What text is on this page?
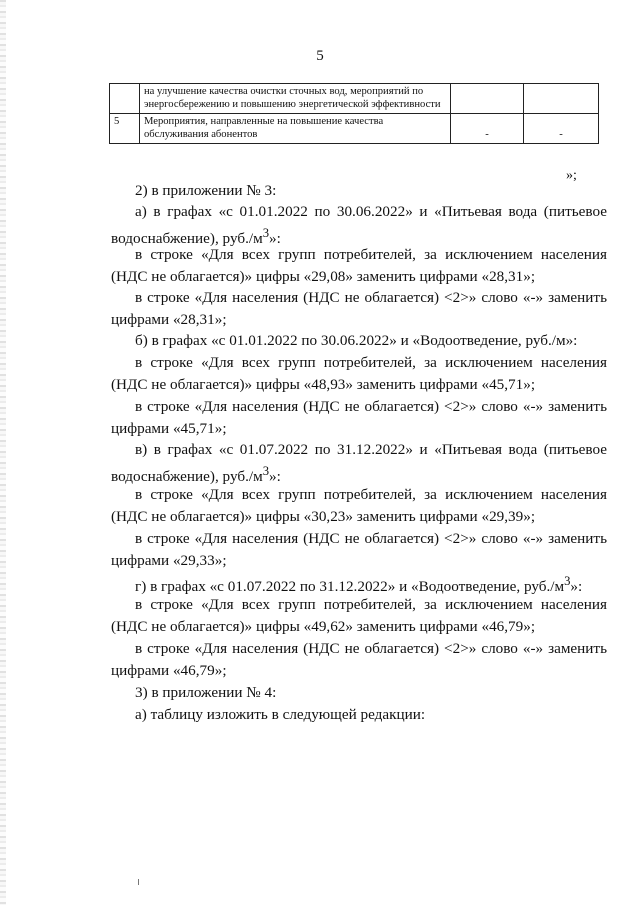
5
	на улучшение качества очистки сточных вод, мероприятий по энергосбережению и повышению энергетической эффективности		
5	Мероприятия, направленные на повышение качества обслуживания абонентов	-	-
»;

2) в приложении № 3:

а) в графах «с 01.01.2022 по 30.06.2022» и «Питьевая вода (питьевое водоснабжение), $руб./м^3$»:

в строке «Для всех групп потребителей, за исключением населения (НДС не облагается)» цифры «29,08» заменить цифрами «28,31»;

в строке «Для населения (НДС не облагается) <2>» слово «-» заменить цифрами «28,31»;

б) в графах «с 01.01.2022 по 30.06.2022» и «Водоотведение, руб./м»:

в строке «Для всех групп потребителей, за исключением населения (НДС не облагается)» цифры «48,93» заменить цифрами «45,71»;

в строке «Для населения (НДС не облагается) <2>» слово «-» заменить цифрами «45,71»;

в) в графах «с 01.07.2022 по 31.12.2022» и «Питьевая вода (питьевое водоснабжение), $руб./м^3$»:

в строке «Для всех групп потребителей, за исключением населения (НДС не облагается)» цифры «30,23» заменить цифрами «29,39»;

в строке «Для населения (НДС не облагается) <2>» слово «-» заменить цифрами «29,33»;

г) в графах «с 01.07.2022 по 31.12.2022» и «Водоотведение, $руб./м^3$»:

в строке «Для всех групп потребителей, за исключением населения (НДС не облагается)» цифры «49,62» заменить цифрами «46,79»;

в строке «Для населения (НДС не облагается) <2>» слово «-» заменить цифрами «46,79»;

3) в приложении № 4:

а) таблицу изложить в следующей редакции:
